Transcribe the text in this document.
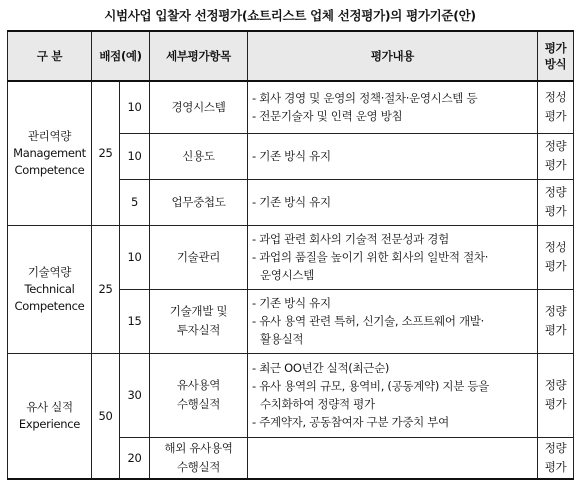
시범사업 입찰자 선정평가(쇼트리스트 업체 선정평가)의 평가기준(안)
구 분	배점(예)		세부평가항목	평가내용	평가
방식

관리역량
Management
Competence	25	10	경영시스템	- 회사 경영 및 운영의 정책·절차·운영시스템 등
- 전문기술자 및 인력 운영 방침	정성
평가

		10	신용도	- 기존 방식 유지	정량
평가

		5	업무중첩도	- 기존 방식 유지	정량
평가

기술역량
Technical
Competence	25	10	기술관리	- 과업 관련 회사의 기술적 전문성과 경험
- 과업의 품질을 높이기 위한 회사의 일반적 절차·
운영시스템	정성
평가

		15	기술개발 및
투자실적	- 기존 방식 유지
- 유사 용역 관련 특허, 신기술, 소프트웨어 개발·
활용실적	정량
평가

유사 실적
Experience	50	30	유사용역
수행실적	- 최근 OO년간 실적(최근순)
- 유사 용역의 규모, 용역비, (공동계약) 지분 등을
수치화하여 정량적 평가
- 주계약자, 공동참여자 구분 가중치 부여	정량
평가

		20	해외 유사용역
수행실적		정량
평가
